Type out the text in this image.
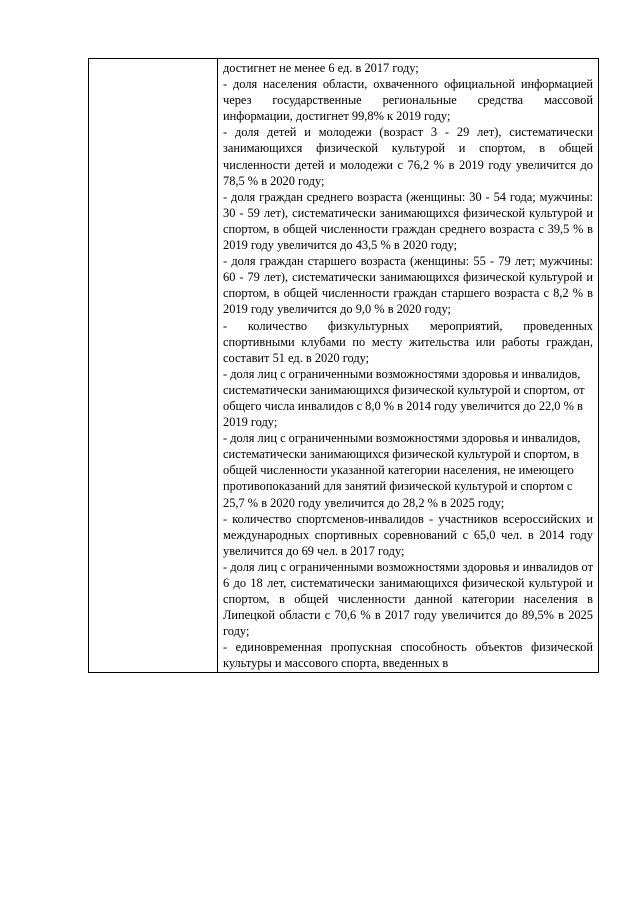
достигнет не менее 6 ед. в 2017 году;

- доля населения области, охваченного официальной информацией через государственные региональные средства массовой информации, достигнет 99,8% к 2019 году;

- доля детей и молодежи (возраст 3 - 29 лет), систематически занимающихся физической культурой и спортом, в общей численности детей и молодежи с 76,2 % в 2019 году увеличится до 78,5 % в 2020 году;

- доля граждан среднего возраста (женщины: 30 - 54 года; мужчины: 30 - 59 лет), систематически занимающихся физической культурой и спортом, в общей численности граждан среднего возраста с 39,5 % в 2019 году увеличится до 43,5 % в 2020 году;

- доля граждан старшего возраста (женщины: 55 - 79 лет; мужчины: 60 - 79 лет), систематически занимающихся физической культурой и спортом, в общей численности граждан старшего возраста с 8,2 % в 2019 году увеличится до 9,0 % в 2020 году;

- количество физкультурных мероприятий, проведенных спортивными клубами по месту жительства или работы граждан, составит 51 ед. в 2020 году;

- доля лиц с ограниченными возможностями здоровья и инвалидов, систематически занимающихся физической культурой и спортом, от общего числа инвалидов с 8,0 % в 2014 году увеличится до 22,0 % в 2019 году;

- доля лиц с ограниченными возможностями здоровья и инвалидов, систематически занимающихся физической культурой и спортом, в общей численности указанной категории населения, не имеющего противопоказаний для занятий физической культурой и спортом с 25,7 % в 2020 году увеличится до 28,2 % в 2025 году;

- количество спортсменов-инвалидов - участников всероссийских и международных спортивных соревнований с 65,0 чел. в 2014 году увеличится до 69 чел. в 2017 году;

- доля лиц с ограниченными возможностями здоровья и инвалидов от 6 до 18 лет, систематически занимающихся физической культурой и спортом, в общей численности данной категории населения в Липецкой области с 70,6 % в 2017 году увеличится до 89,5% в 2025 году;

- единовременная пропускная способность объектов физической культуры и массового спорта, введенных в
